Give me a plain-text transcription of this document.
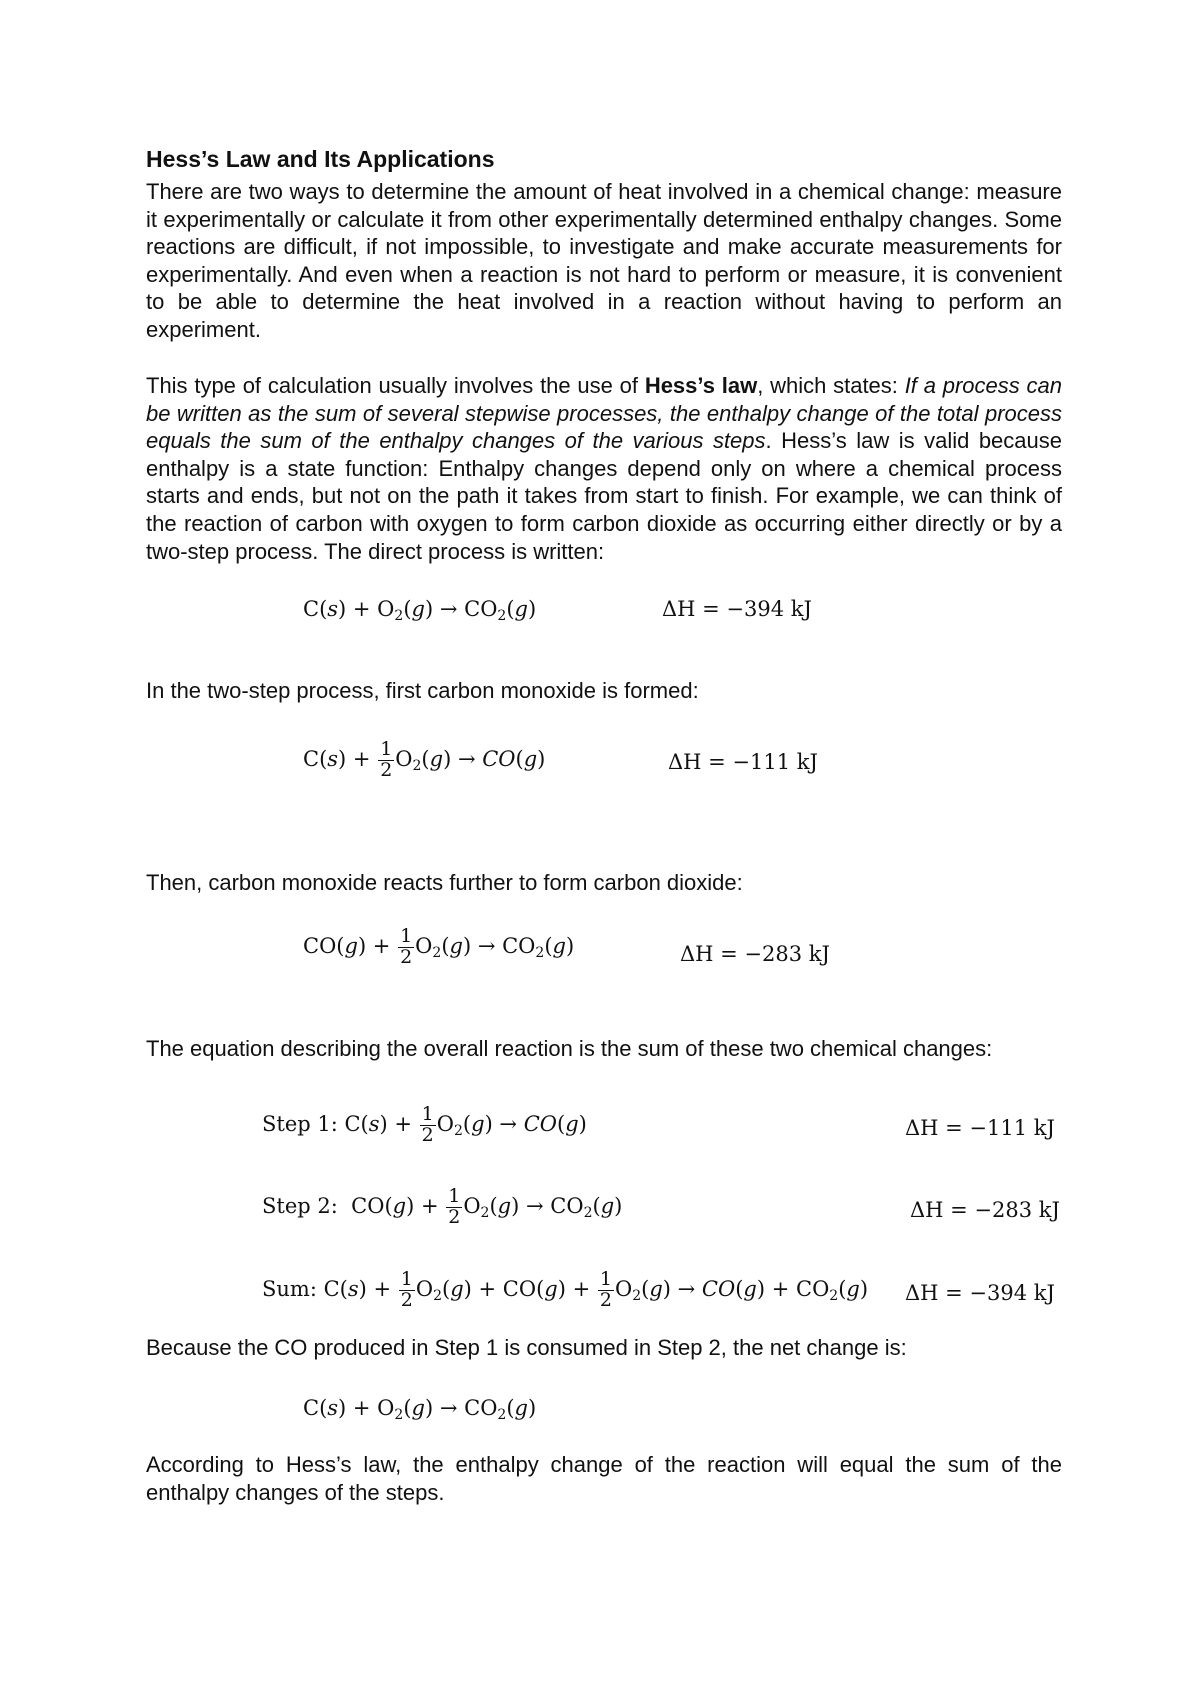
Hess’s Law and Its Applications

There are two ways to determine the amount of heat involved in a chemical change: measure it experimentally or calculate it from other experimentally determined enthalpy changes. Some reactions are difficult, if not impossible, to investigate and make accurate measurements for experimentally. And even when a reaction is not hard to perform or measure, it is convenient to be able to determine the heat involved in a reaction without having to perform an experiment.

This type of calculation usually involves the use of Hess’s law, which states: If a process can be written as the sum of several stepwise processes, the enthalpy change of the total process equals the sum of the enthalpy changes of the various steps. Hess’s law is valid because enthalpy is a state function: Enthalpy changes depend only on where a chemical process starts and ends, but not on the path it takes from start to finish. For example, we can think of the reaction of carbon with oxygen to form carbon dioxide as occurring either directly or by a two-step process. The direct process is written:

$C(s) + O_2(g) \to CO_2(g)$	ΔH = −394 kJ

In the two-step process, first carbon monoxide is formed:

$C(s) + \frac{1}{2} O_2(g) \to CO(g)$	ΔH = −111 kJ

Then, carbon monoxide reacts further to form carbon dioxide:

$CO(g) + \frac{1}{2} O_2(g) \to CO_2(g)$	ΔH = −283 kJ

The equation describing the overall reaction is the sum of these two chemical changes:

Step 1: $C(s) + \frac{1}{2} O_2(g) \to CO(g)$	ΔH = −111 kJ
Step 2:  $CO(g) + \frac{1}{2} O_2(g) \to CO_2(g)$	ΔH = −283 kJ
Sum: $C(s) + \frac{1}{2} O_2(g) + CO(g) + \frac{1}{2} O_2(g) \to CO(g) + CO_2(g) \Delta H = -394$ kJ

Because the CO produced in Step 1 is consumed in Step 2, the net change is:

$C(s) + O_2(g) \to CO_2(g)$

According to Hess’s law, the enthalpy change of the reaction will equal the sum of the enthalpy changes of the steps.
